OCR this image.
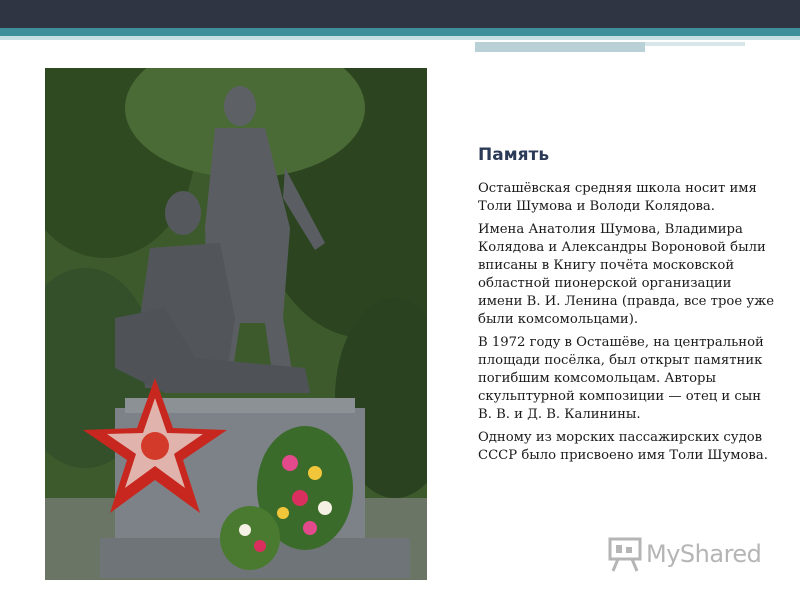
Память

Осташёвская средняя школа носит имя Толи Шумова и Володи Колядова.

Имена Анатолия Шумова, Владимира Колядова и Александры Вороновой были вписаны в Книгу почёта московской областной пионерской организации имени В. И. Ленина (правда, все трое уже были комсомольцами).

В 1972 году в Осташёве, на центральной площади посёлка, был открыт памятник погибшим комсомольцам. Авторы скульптурной композиции — отец и сын В. В. и Д. В. Калинины.

Одному из морских пассажирских судов СССР было присвоено имя Толи Шумова.

MyShared
